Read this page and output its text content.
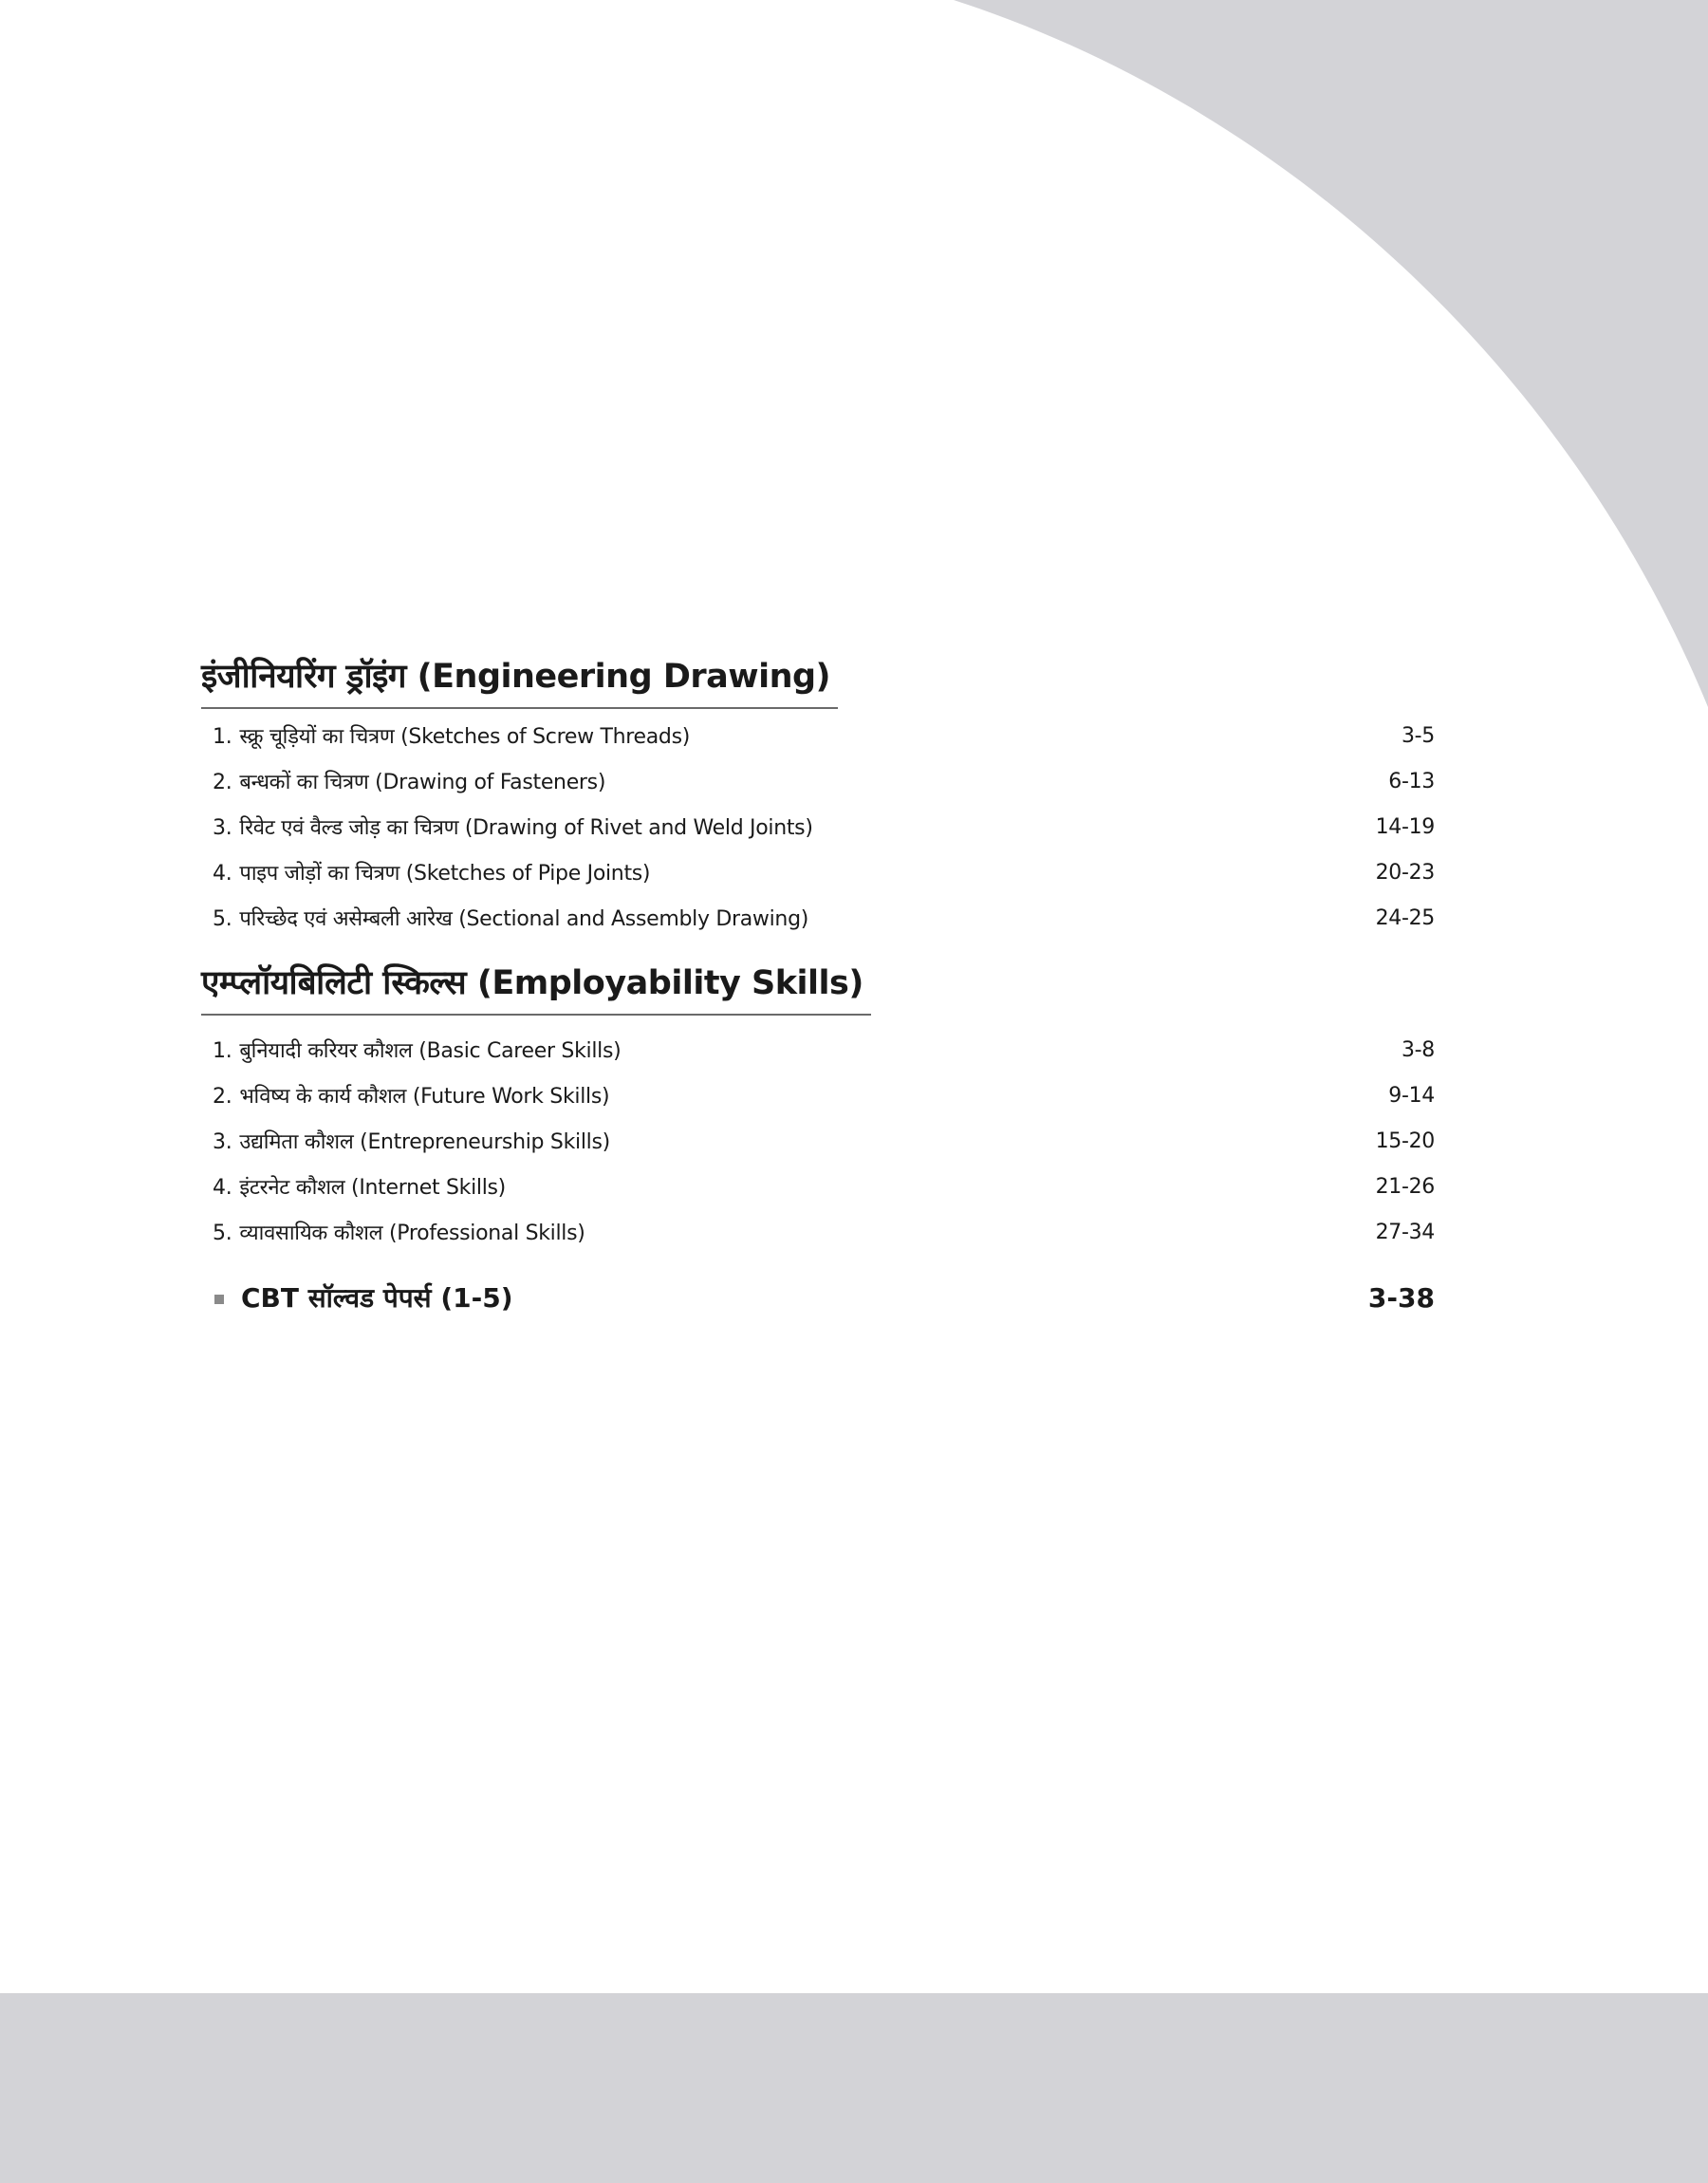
इंजीनियरिंग ड्रॉइंग (Engineering Drawing)
1. स्क्रू चूड़ियों का चित्रण (Sketches of Screw Threads)	3-5
2. बन्धकों का चित्रण (Drawing of Fasteners)	6-13
3. रिवेट एवं वैल्ड जोड़ का चित्रण (Drawing of Rivet and Weld Joints)	14-19
4. पाइप जोड़ों का चित्रण (Sketches of Pipe Joints)	20-23
5. परिच्छेद एवं असेम्बली आरेख (Sectional and Assembly Drawing)	24-25
एम्प्लॉयबिलिटी स्किल्स (Employability Skills)
1. बुनियादी करियर कौशल (Basic Career Skills)	3-8
2. भविष्य के कार्य कौशल (Future Work Skills)	9-14
3. उद्यमिता कौशल (Entrepreneurship Skills)	15-20
4. इंटरनेट कौशल (Internet Skills)	21-26
5. व्यावसायिक कौशल (Professional Skills)	27-34
CBT सॉल्वड पेपर्स (1-5)	3-38
